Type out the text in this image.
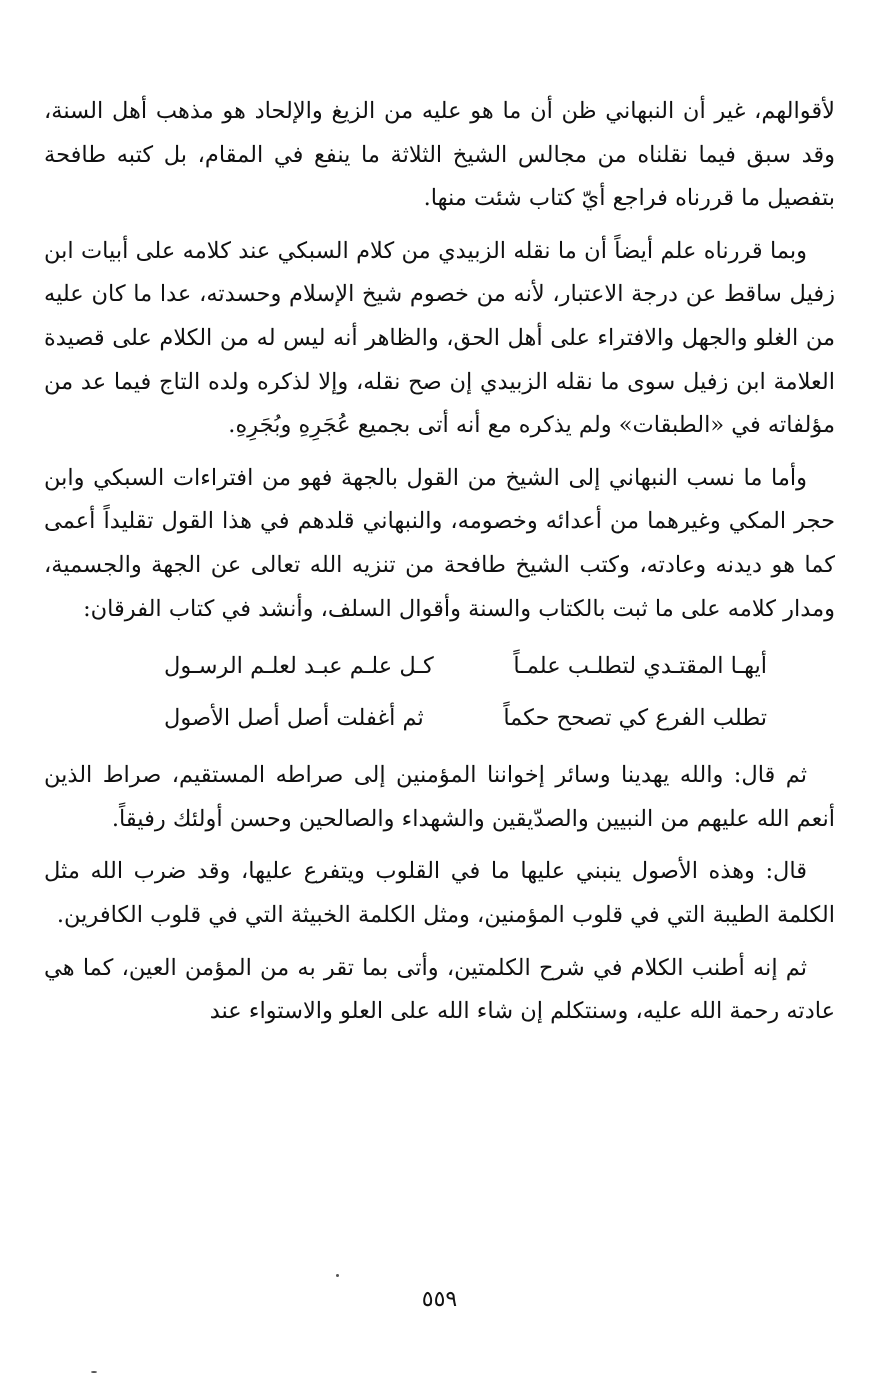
لأقوالهم، غير أن النبهاني ظن أن ما هو عليه من الزيغ والإلحاد هو مذهب أهل السنة، وقد سبق فيما نقلناه من مجالس الشيخ الثلاثة ما ينفع في المقام، بل كتبه طافحة بتفصيل ما قررناه فراجع أيّ كتاب شئت منها.

وبما قررناه علم أيضاً أن ما نقله الزبيدي من كلام السبكي عند كلامه على أبيات ابن زفيل ساقط عن درجة الاعتبار، لأنه من خصوم شيخ الإسلام وحسدته، عدا ما كان عليه من الغلو والجهل والافتراء على أهل الحق، والظاهر أنه ليس له من الكلام على قصيدة العلامة ابن زفيل سوى ما نقله الزبيدي إن صح نقله، وإلا لذكره ولده التاج فيما عد من مؤلفاته في «الطبقات» ولم يذكره مع أنه أتى بجميع عُجَرِهِ وبُجَرِهِ.

وأما ما نسب النبهاني إلى الشيخ من القول بالجهة فهو من افتراءات السبكي وابن حجر المكي وغيرهما من أعدائه وخصومه، والنبهاني قلدهم في هذا القول تقليداً أعمى كما هو ديدنه وعادته، وكتب الشيخ طافحة من تنزيه الله تعالى عن الجهة والجسمية، ومدار كلامه على ما ثبت بالكتاب والسنة وأقوال السلف، وأنشد في كتاب الفرقان:

أيهـا المقتـدي لتطلـب علمـاً
كـل علـم عبـد لعلـم الرسـول
تطلب الفرع كي تصحح حكماً
ثم أغفلت أصل أصل الأصول

ثم قال: والله يهدينا وسائر إخواننا المؤمنين إلى صراطه المستقيم، صراط الذين أنعم الله عليهم من النبيين والصدّيقين والشهداء والصالحين وحسن أولئك رفيقاً.

قال: وهذه الأصول ينبني عليها ما في القلوب ويتفرع عليها، وقد ضرب الله مثل الكلمة الطيبة التي في قلوب المؤمنين، ومثل الكلمة الخبيثة التي في قلوب الكافرين.

ثم إنه أطنب الكلام في شرح الكلمتين، وأتى بما تقر به من المؤمن العين، كما هي عادته رحمة الله عليه، وسنتكلم إن شاء الله على العلو والاستواء عند

٥٥٩
